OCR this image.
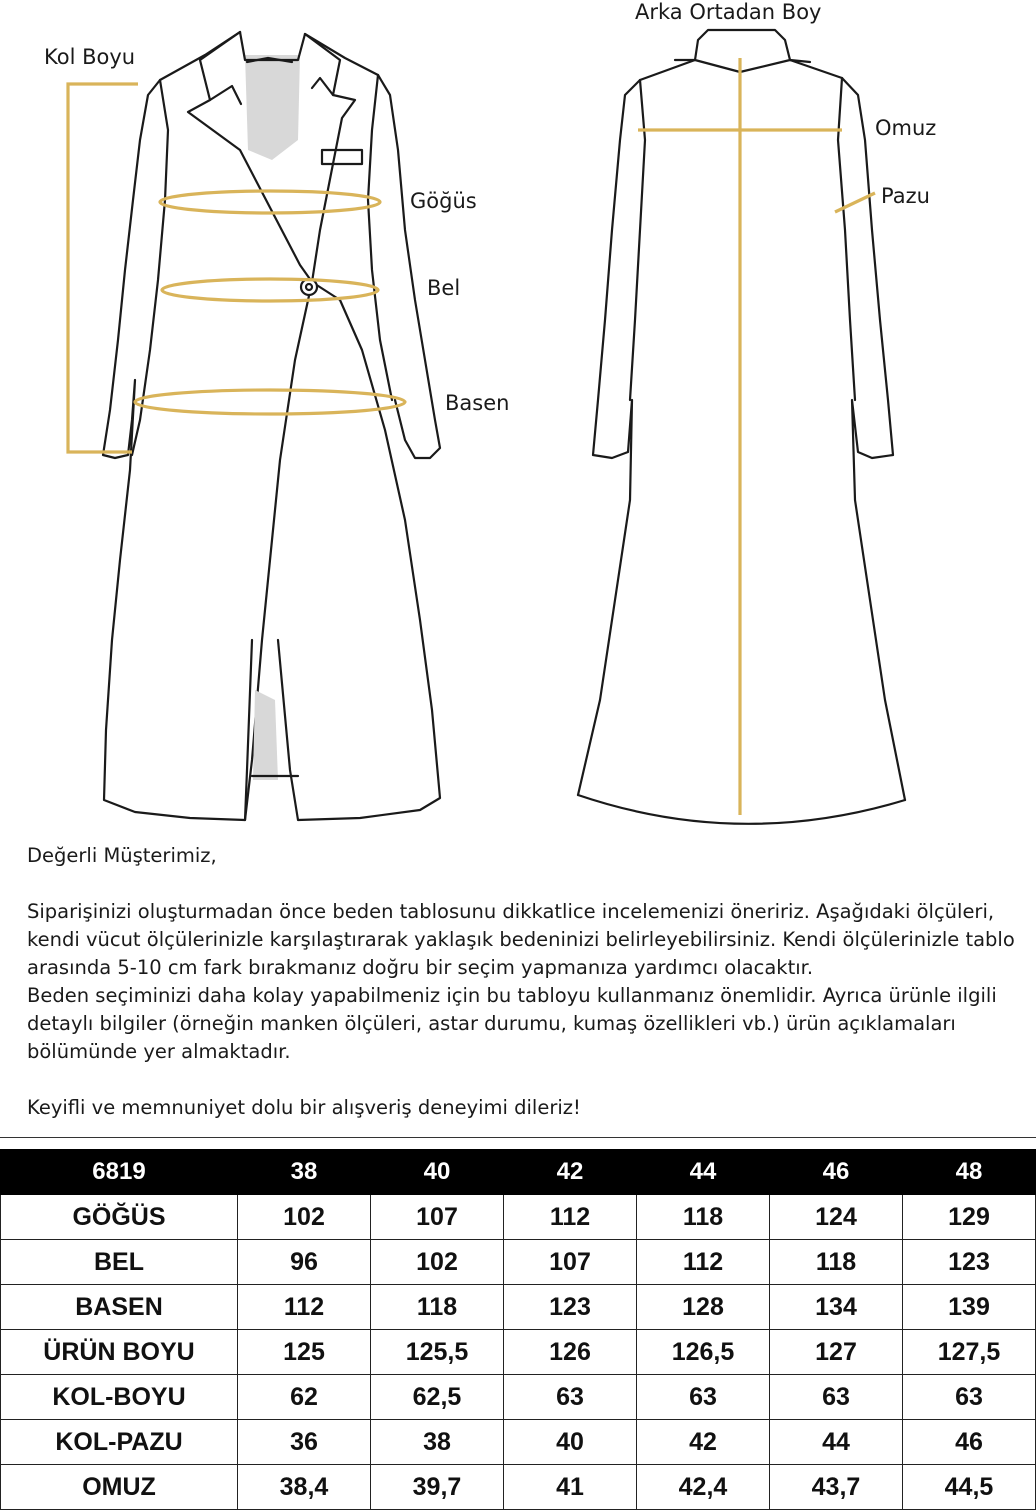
Kol Boyu
Göğüs
Bel
Basen
Arka Ortadan Boy
Omuz
Pazu

Değerli Müşterimiz,

Siparişinizi oluşturmadan önce beden tablosunu dikkatlice incelemenizi öneririz. Aşağıdaki ölçüleri, kendi vücut ölçülerinizle karşılaştırarak yaklaşık bedeninizi belirleyebilirsiniz. Kendi ölçülerinizle tablo arasında 5-10 cm fark bırakmanız doğru bir seçim yapmanıza yardımcı olacaktır.

Beden seçiminizi daha kolay yapabilmeniz için bu tabloyu kullanmanız önemlidir. Ayrıca ürünle ilgili detaylı bilgiler (örneğin manken ölçüleri, astar durumu, kumaş özellikleri vb.) ürün açıklamaları bölümünde yer almaktadır.

Keyifli ve memnuniyet dolu bir alışveriş deneyimi dileriz!

6819	38	40	42	44	46	48
GÖĞÜS	102	107	112	118	124	129
BEL	96	102	107	112	118	123
BASEN	112	118	123	128	134	139
ÜRÜN BOYU	125	125,5	126	126,5	127	127,5
KOL-BOYU	62	62,5	63	63	63	63
KOL-PAZU	36	38	40	42	44	46
OMUZ	38,4	39,7	41	42,4	43,7	44,5
